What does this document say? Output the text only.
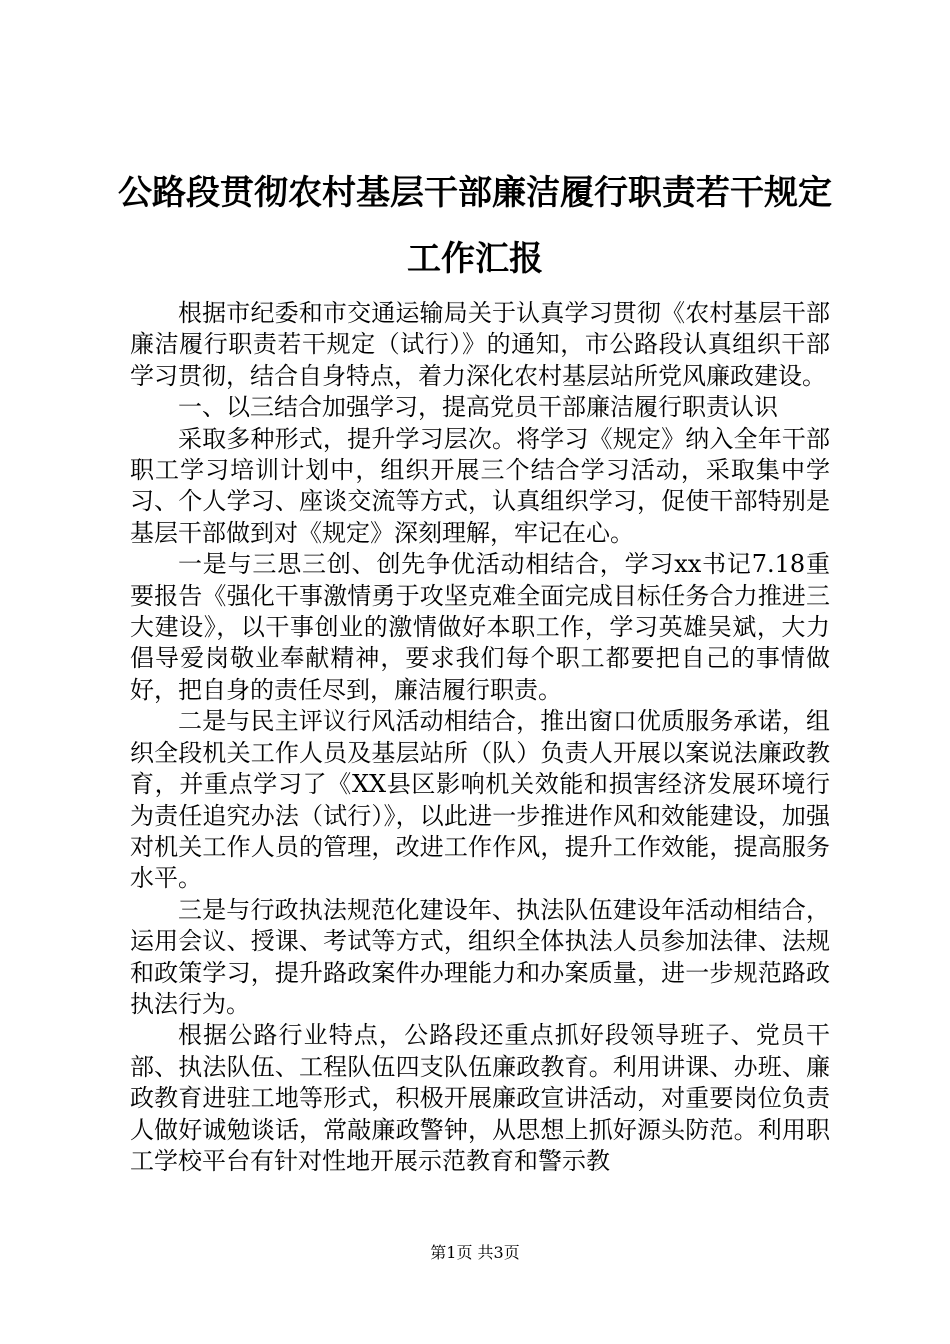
公路段贯彻农村基层干部廉洁履行职责若干规定工作汇报

根据市纪委和市交通运输局关于认真学习贯彻《农村基层干部廉洁履行职责若干规定（试行）》的通知，市公路段认真组织干部学习贯彻，结合自身特点，着力深化农村基层站所党风廉政建设。

一、以三结合加强学习，提高党员干部廉洁履行职责认识

采取多种形式，提升学习层次。将学习《规定》纳入全年干部职工学习培训计划中，组织开展三个结合学习活动，采取集中学习、个人学习、座谈交流等方式，认真组织学习，促使干部特别是基层干部做到对《规定》深刻理解，牢记在心。

一是与三思三创、创先争优活动相结合，学习xx书记7.18重要报告《强化干事激情勇于攻坚克难全面完成目标任务合力推进三大建设》，以干事创业的激情做好本职工作，学习英雄吴斌，大力倡导爱岗敬业奉献精神，要求我们每个职工都要把自己的事情做好，把自身的责任尽到，廉洁履行职责。

二是与民主评议行风活动相结合，推出窗口优质服务承诺，组织全段机关工作人员及基层站所（队）负责人开展以案说法廉政教育，并重点学习了《XX县区影响机关效能和损害经济发展环境行为责任追究办法（试行）》，以此进一步推进作风和效能建设，加强对机关工作人员的管理，改进工作作风，提升工作效能，提高服务水平。

三是与行政执法规范化建设年、执法队伍建设年活动相结合，运用会议、授课、考试等方式，组织全体执法人员参加法律、法规和政策学习，提升路政案件办理能力和办案质量，进一步规范路政执法行为。

根据公路行业特点，公路段还重点抓好段领导班子、党员干部、执法队伍、工程队伍四支队伍廉政教育。利用讲课、办班、廉政教育进驻工地等形式，积极开展廉政宣讲活动，对重要岗位负责人做好诚勉谈话，常敲廉政警钟，从思想上抓好源头防范。利用职工学校平台有针对性地开展示范教育和警示教

第1页 共3页
